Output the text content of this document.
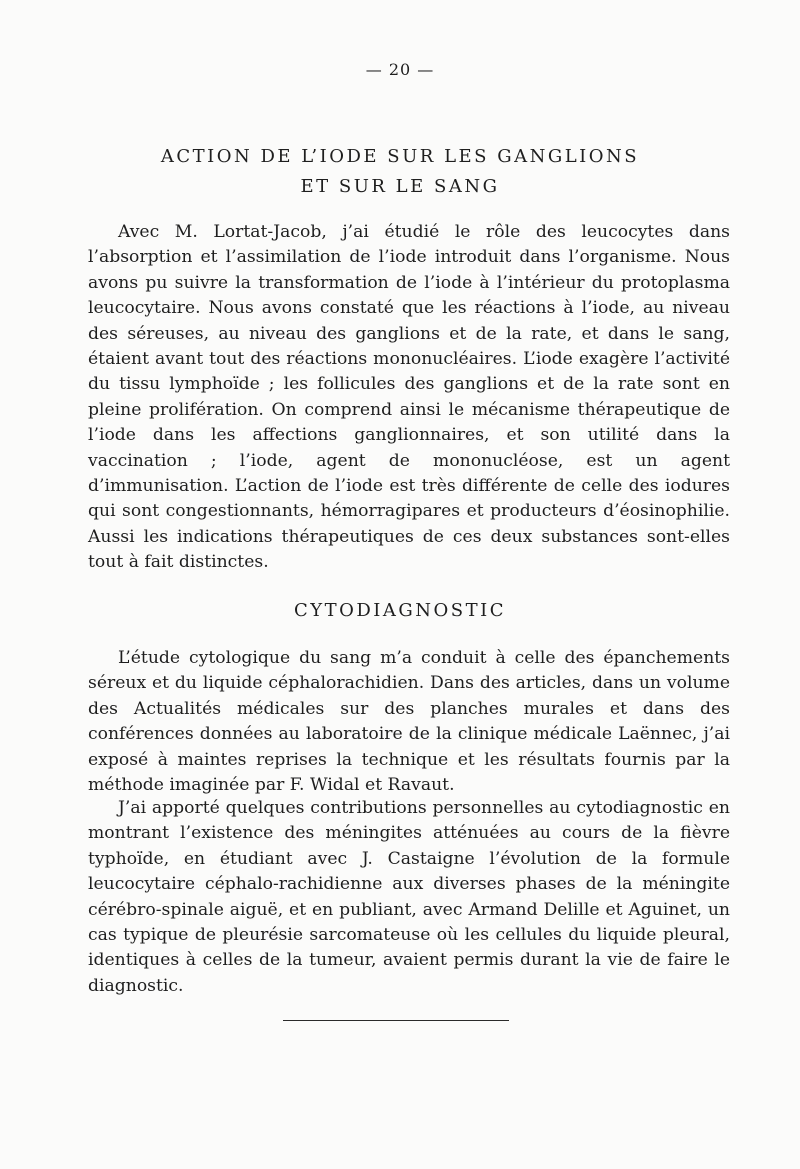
— 20 —
ACTION DE L’IODE SUR LES GANGLIONS
ET SUR LE SANG

Avec M. Lortat-Jacob, j’ai étudié le rôle des leucocytes dans l’absorption et l’assimilation de l’iode introduit dans l’organisme. Nous avons pu suivre la transformation de l’iode à l’intérieur du protoplasma leucocytaire. Nous avons constaté que les réactions à l’iode, au niveau des séreuses, au niveau des ganglions et de la rate, et dans le sang, étaient avant tout des réactions mononucléaires. L’iode exagère l’activité du tissu lymphoïde ; les follicules des ganglions et de la rate sont en pleine prolifération. On comprend ainsi le mécanisme thérapeutique de l’iode dans les affections ganglionnaires, et son utilité dans la vaccination ; l’iode, agent de mononucléose, est un agent d’immunisation. L’action de l’iode est très différente de celle des iodures qui sont congestionnants, hémorragipares et producteurs d’éosinophilie. Aussi les indications thérapeutiques de ces deux substances sont-elles tout à fait distinctes.

CYTODIAGNOSTIC

L’étude cytologique du sang m’a conduit à celle des épanchements séreux et du liquide céphalorachidien. Dans des articles, dans un volume des Actualités médicales sur des planches murales et dans des conférences données au laboratoire de la clinique médicale Laënnec, j’ai exposé à maintes reprises la technique et les résultats fournis par la méthode imaginée par F. Widal et Ravaut.

J’ai apporté quelques contributions personnelles au cytodiagnostic en montrant l’existence des méningites atténuées au cours de la fièvre typhoïde, en étudiant avec J. Castaigne l’évolution de la formule leucocytaire céphalo-rachidienne aux diverses phases de la méningite cérébro-spinale aiguë, et en publiant, avec Armand Delille et Aguinet, un cas typique de pleurésie sarcomateuse où les cellules du liquide pleural, identiques à celles de la tumeur, avaient permis durant la vie de faire le diagnostic.
